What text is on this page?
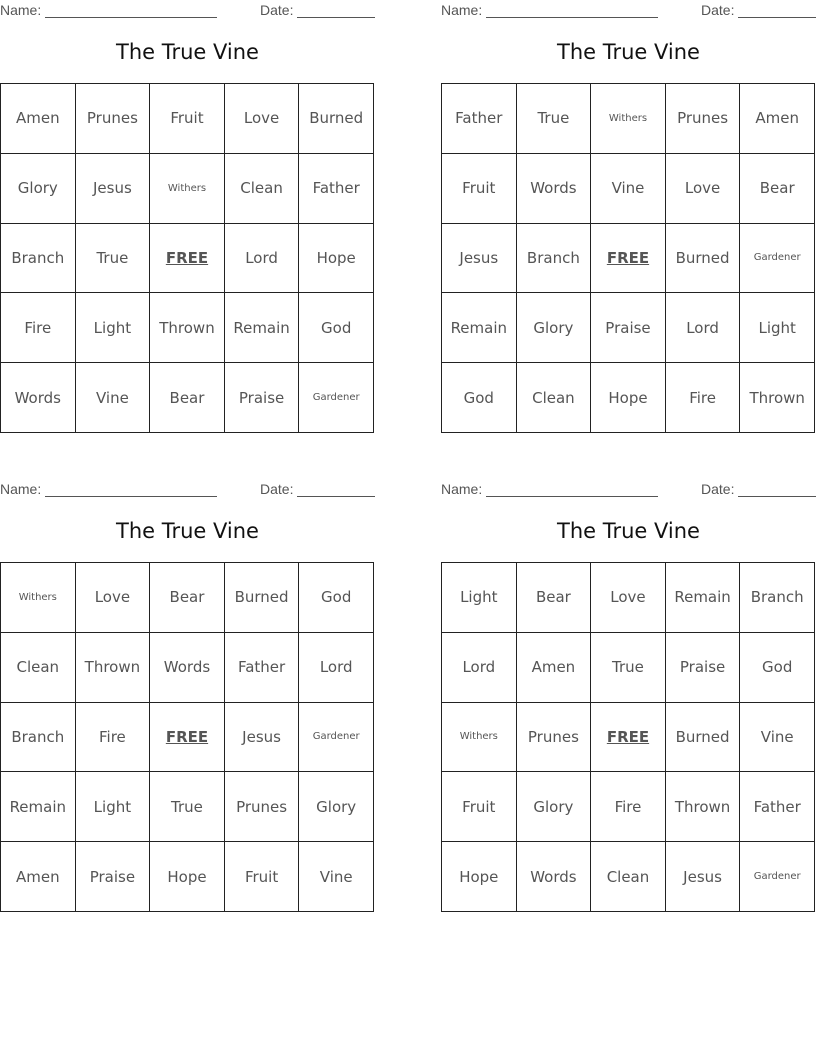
Name:	Date:
The True Vine
Amen	Prunes	Fruit	Love	Burned
Glory	Jesus	Withers	Clean	Father
Branch	True	FREE	Lord	Hope
Fire	Light	Thrown	Remain	God
Words	Vine	Bear	Praise	Gardener
Name:	Date:
The True Vine
Father	True	Withers	Prunes	Amen
Fruit	Words	Vine	Love	Bear
Jesus	Branch	FREE	Burned	Gardener
Remain	Glory	Praise	Lord	Light
God	Clean	Hope	Fire	Thrown
Name:	Date:
The True Vine
Withers	Love	Bear	Burned	God
Clean	Thrown	Words	Father	Lord
Branch	Fire	FREE	Jesus	Gardener
Remain	Light	True	Prunes	Glory
Amen	Praise	Hope	Fruit	Vine
Name:	Date:
The True Vine
Light	Bear	Love	Remain	Branch
Lord	Amen	True	Praise	God
Withers	Prunes	FREE	Burned	Vine
Fruit	Glory	Fire	Thrown	Father
Hope	Words	Clean	Jesus	Gardener
